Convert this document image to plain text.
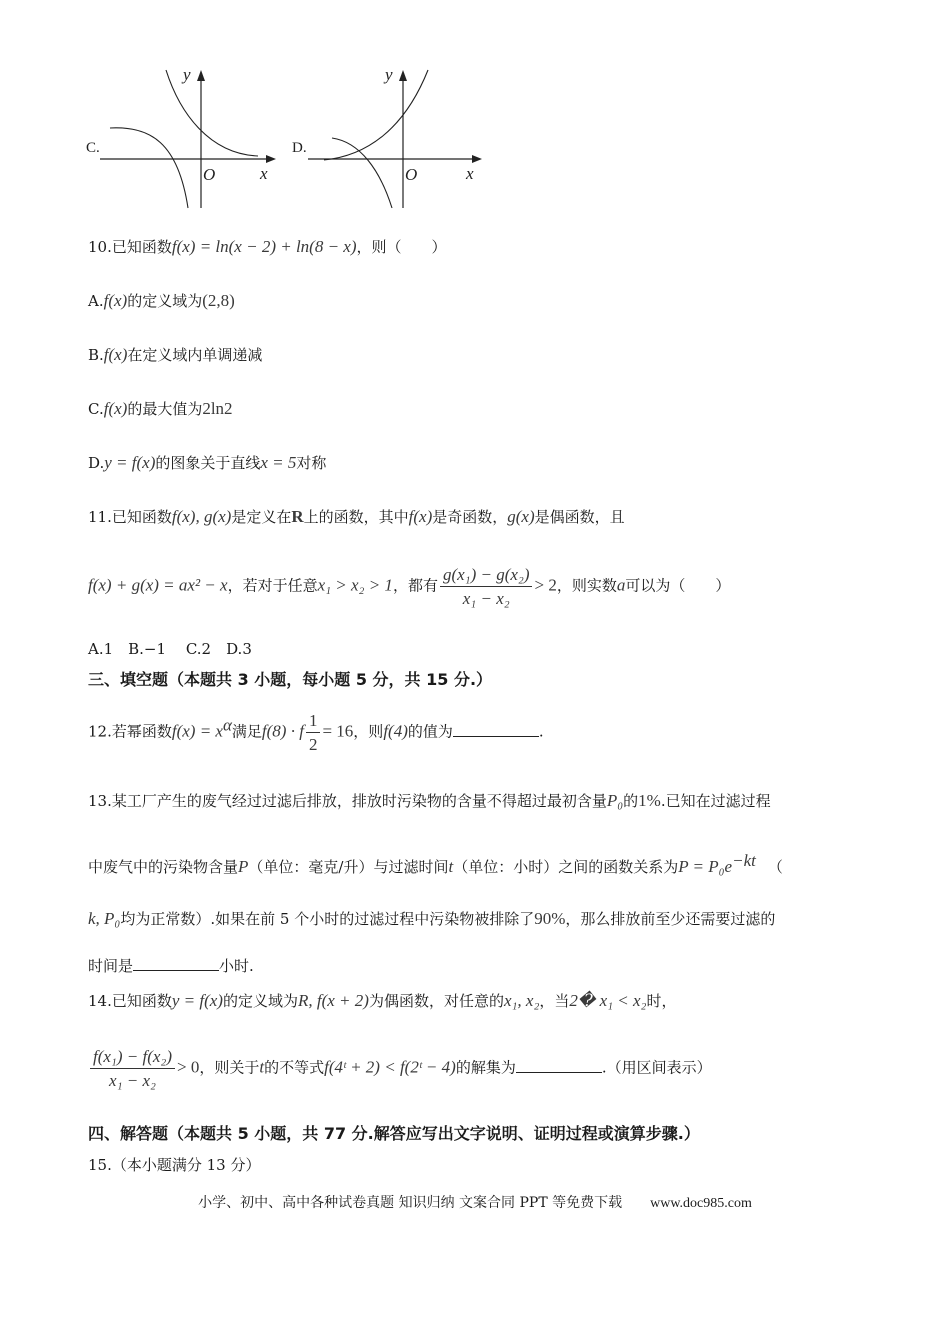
C.
y
x
O
D.
y
x
O
10.已知函数f(x) = ln(x − 2) + ln(8 − x)，则（　　）
A.f(x)的定义域为(2,8)
B.f(x)在定义域内单调递减
C.f(x)的最大值为2ln2
D.y = f(x)的图象关于直线x = 5对称
11.已知函数f(x), g(x)是定义在R上的函数，其中f(x)是奇函数，g(x)是偶函数，且
f(x) + g(x) = ax² − x，若对于任意x₁ > x₂ > 1，都有 $\frac{\text{g(x₁) − g(x₂)}}{\text{x₁ − x₂}} > 2$，则实数a可以为（　　）
A.1　B.−1　 C.2　D.3
三、填空题（本题共 3 小题，每小题 5 分，共 15 分.）
12.若幂函数$f(x) = x^\alpha$满足f(8) · f $\frac{1}{2} = 16$，则f(4)的值为	.
13.某工厂产生的废气经过过滤后排放，排放时污染物的含量不得超过最初含量P₀的1%.已知在过滤过程
中废气中的污染物含量P（单位：毫克/升）与过滤时间t（单位：小时）之间的函数关系为$P = P_0e^{-kt}$ （
k, P₀均为正常数）.如果在前 5 个小时的过滤过程中污染物被排除了90%，那么排放前至少还需要过滤的
时间是	小时.
14.已知函数y = f(x)的定义域为R, f(x + 2)为偶函数，对任意的x₁, x₂，当2� x₁ < x₂时，
$\frac{\text{f(x₁) − f(x₂)}}{\text{x₁ − x₂}} > 0$，则关于t的不等式f(4ᵗ + 2) < f(2ᵗ − 4)的解集为	.（用区间表示）
四、解答题（本题共 5 小题，共 77 分.解答应写出文字说明、证明过程或演算步骤.）
15.（本小题满分 13 分）
小学、初中、高中各种试卷真题 知识归纳 文案合同 PPT 等免费下载 www.doc985.com
